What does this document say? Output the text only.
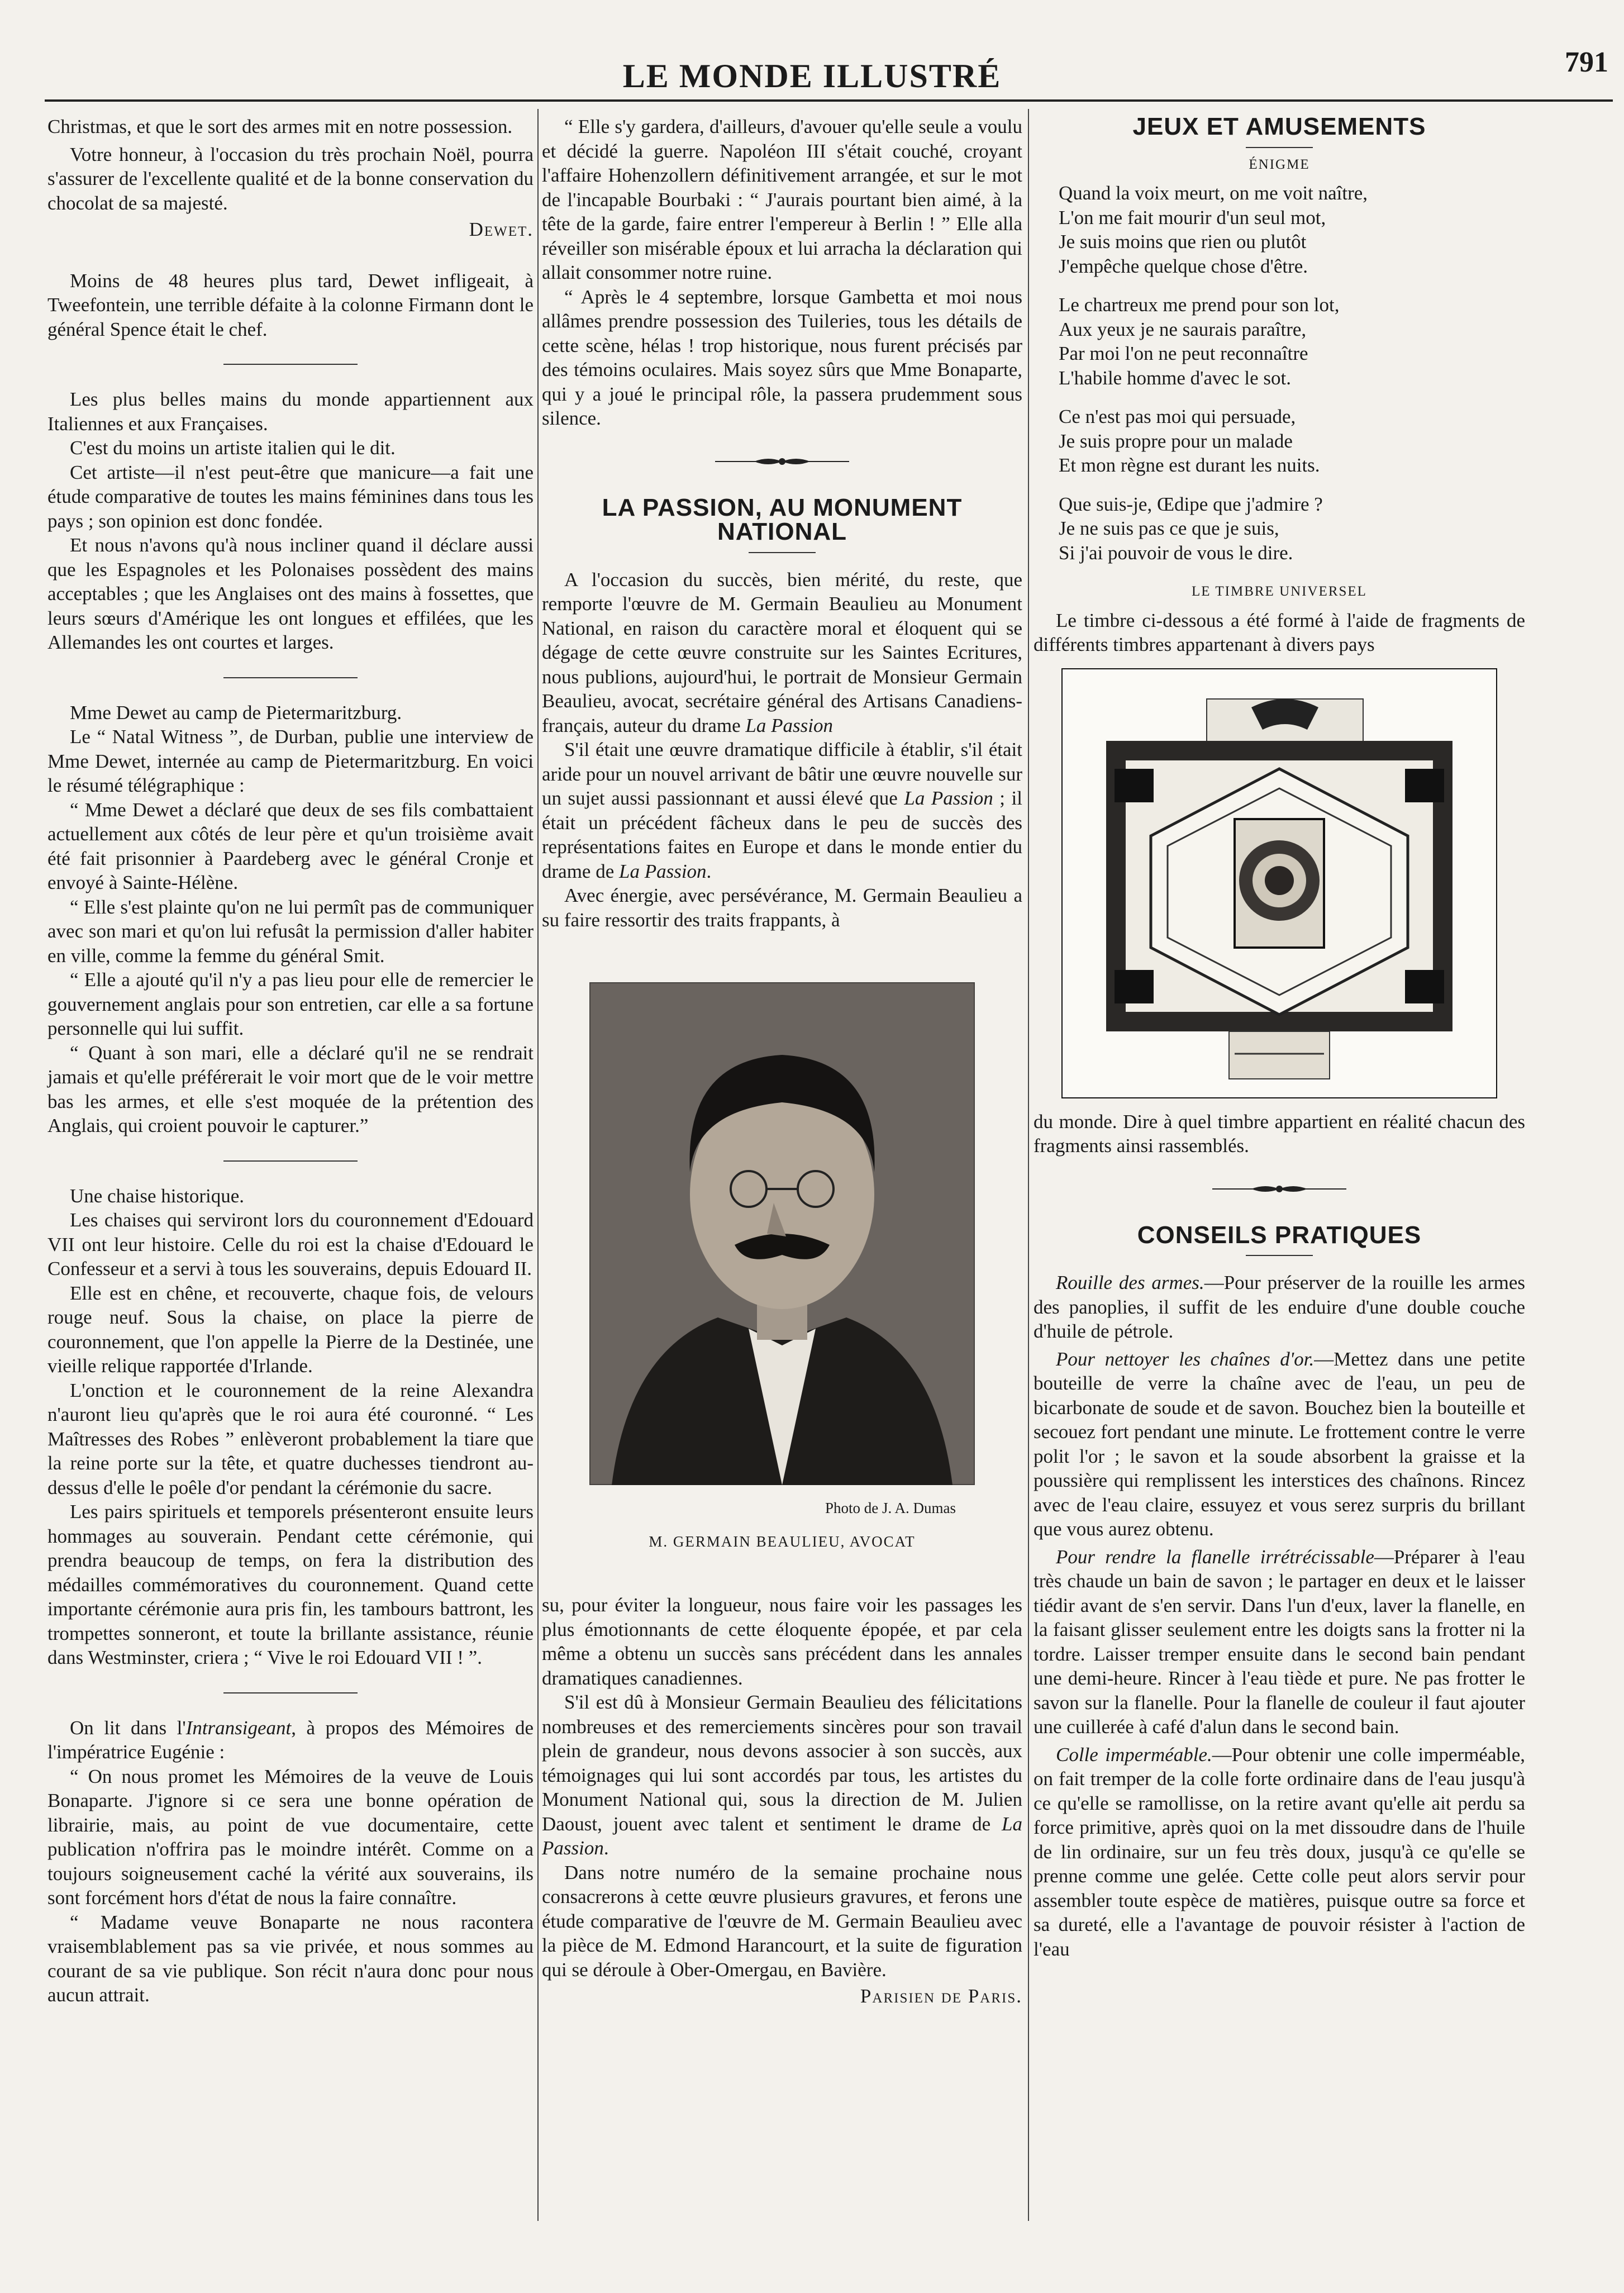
LE MONDE ILLUSTRÉ	791

Christmas, et que le sort des armes mit en notre possession.

Votre honneur, à l'occasion du très prochain Noël, pourra s'assurer de l'excellente qualité et de la bonne conservation du chocolat de sa majesté.

Dewet.

Moins de 48 heures plus tard, Dewet infligeait, à Tweefontein, une terrible défaite à la colonne Firmann dont le général Spence était le chef.

Les plus belles mains du monde appartiennent aux Italiennes et aux Françaises.

C'est du moins un artiste italien qui le dit.

Cet artiste—il n'est peut-être que manicure—a fait une étude comparative de toutes les mains féminines dans tous les pays ; son opinion est donc fondée.

Et nous n'avons qu'à nous incliner quand il déclare aussi que les Espagnoles et les Polonaises possèdent des mains acceptables ; que les Anglaises ont des mains à fossettes, que leurs sœurs d'Amérique les ont longues et effilées, que les Allemandes les ont courtes et larges.

Mme Dewet au camp de Pietermaritzburg.

Le “ Natal Witness ”, de Durban, publie une interview de Mme Dewet, internée au camp de Pietermaritzburg. En voici le résumé télégraphique :

“ Mme Dewet a déclaré que deux de ses fils combattaient actuellement aux côtés de leur père et qu'un troisième avait été fait prisonnier à Paardeberg avec le général Cronje et envoyé à Sainte-Hélène.

“ Elle s'est plainte qu'on ne lui permît pas de communiquer avec son mari et qu'on lui refusât la permission d'aller habiter en ville, comme la femme du général Smit.

“ Elle a ajouté qu'il n'y a pas lieu pour elle de remercier le gouvernement anglais pour son entretien, car elle a sa fortune personnelle qui lui suffit.

“ Quant à son mari, elle a déclaré qu'il ne se rendrait jamais et qu'elle préférerait le voir mort que de le voir mettre bas les armes, et elle s'est moquée de la prétention des Anglais, qui croient pouvoir le capturer.”

Une chaise historique.

Les chaises qui serviront lors du couronnement d'Edouard VII ont leur histoire. Celle du roi est la chaise d'Edouard le Confesseur et a servi à tous les souverains, depuis Edouard II.

Elle est en chêne, et recouverte, chaque fois, de velours rouge neuf. Sous la chaise, on place la pierre de couronnement, que l'on appelle la Pierre de la Destinée, une vieille relique rapportée d'Irlande.

L'onction et le couronnement de la reine Alexandra n'auront lieu qu'après que le roi aura été couronné. “ Les Maîtresses des Robes ” enlèveront probablement la tiare que la reine porte sur la tête, et quatre duchesses tiendront au-dessus d'elle le poêle d'or pendant la cérémonie du sacre.

Les pairs spirituels et temporels présenteront ensuite leurs hommages au souverain. Pendant cette cérémonie, qui prendra beaucoup de temps, on fera la distribution des médailles commémoratives du couronnement. Quand cette importante cérémonie aura pris fin, les tambours battront, les trompettes sonneront, et toute la brillante assistance, réunie dans Westminster, criera ; “ Vive le roi Edouard VII ! ”.

On lit dans l'Intransigeant, à propos des Mémoires de l'impératrice Eugénie :

“ On nous promet les Mémoires de la veuve de Louis Bonaparte. J'ignore si ce sera une bonne opération de librairie, mais, au point de vue documentaire, cette publication n'offrira pas le moindre intérêt. Comme on a toujours soigneusement caché la vérité aux souverains, ils sont forcément hors d'état de nous la faire connaître.

“ Madame veuve Bonaparte ne nous racontera vraisemblablement pas sa vie privée, et nous sommes au courant de sa vie publique. Son récit n'aura donc pour nous aucun attrait.

“ Elle s'y gardera, d'ailleurs, d'avouer qu'elle seule a voulu et décidé la guerre. Napoléon III s'était couché, croyant l'affaire Hohenzollern définitivement arrangée, et sur le mot de l'incapable Bourbaki : “ J'aurais pourtant bien aimé, à la tête de la garde, faire entrer l'empereur à Berlin ! ” Elle alla réveiller son misérable époux et lui arracha la déclaration qui allait consommer notre ruine.

“ Après le 4 septembre, lorsque Gambetta et moi nous allâmes prendre possession des Tuileries, tous les détails de cette scène, hélas ! trop historique, nous furent précisés par des témoins oculaires. Mais soyez sûrs que Mme Bonaparte, qui y a joué le principal rôle, la passera prudemment sous silence.

LA PASSION, AU MONUMENT NATIONAL

A l'occasion du succès, bien mérité, du reste, que remporte l'œuvre de M. Germain Beaulieu au Monument National, en raison du caractère moral et éloquent qui se dégage de cette œuvre construite sur les Saintes Ecritures, nous publions, aujourd'hui, le portrait de Monsieur Germain Beaulieu, avocat, secrétaire général des Artisans Canadiens-français, auteur du drame La Passion

S'il était une œuvre dramatique difficile à établir, s'il était aride pour un nouvel arrivant de bâtir une œuvre nouvelle sur un sujet aussi passionnant et aussi élevé que La Passion ; il était un précédent fâcheux dans le peu de succès des représentations faites en Europe et dans le monde entier du drame de La Passion.

Avec énergie, avec persévérance, M. Germain Beaulieu a su faire ressortir des traits frappants, à

Photo de J. A. Dumas
M. GERMAIN BEAULIEU, AVOCAT

su, pour éviter la longueur, nous faire voir les passages les plus émotionnants de cette éloquente épopée, et par cela même a obtenu un succès sans précédent dans les annales dramatiques canadiennes.

S'il est dû à Monsieur Germain Beaulieu des félicitations nombreuses et des remerciements sincères pour son travail plein de grandeur, nous devons associer à son succès, aux témoignages qui lui sont accordés par tous, les artistes du Monument National qui, sous la direction de M. Julien Daoust, jouent avec talent et sentiment le drame de La Passion.

Dans notre numéro de la semaine prochaine nous consacrerons à cette œuvre plusieurs gravures, et ferons une étude comparative de l'œuvre de M. Germain Beaulieu avec la pièce de M. Edmond Harancourt, et la suite de figuration qui se déroule à Ober-Omergau, en Bavière.

Parisien de Paris.
JEUX ET AMUSEMENTS
ÉNIGME
Quand la voix meurt, on me voit naître,
L'on me fait mourir d'un seul mot,
Je suis moins que rien ou plutôt
J'empêche quelque chose d'être.
Le chartreux me prend pour son lot,
Aux yeux je ne saurais paraître,
Par moi l'on ne peut reconnaître
L'habile homme d'avec le sot.
Ce n'est pas moi qui persuade,
Je suis propre pour un malade
Et mon règne est durant les nuits.
Que suis-je, Œdipe que j'admire ?
Je ne suis pas ce que je suis,
Si j'ai pouvoir de vous le dire.
LE TIMBRE UNIVERSEL

Le timbre ci-dessous a été formé à l'aide de fragments de différents timbres appartenant à divers pays

du monde. Dire à quel timbre appartient en réalité chacun des fragments ainsi rassemblés.

CONSEILS PRATIQUES

Rouille des armes.—Pour préserver de la rouille les armes des panoplies, il suffit de les enduire d'une double couche d'huile de pétrole.

Pour nettoyer les chaînes d'or.—Mettez dans une petite bouteille de verre la chaîne avec de l'eau, un peu de bicarbonate de soude et de savon. Bouchez bien la bouteille et secouez fort pendant une minute. Le frottement contre le verre polit l'or ; le savon et la soude absorbent la graisse et la poussière qui remplissent les interstices des chaînons. Rincez avec de l'eau claire, essuyez et vous serez surpris du brillant que vous aurez obtenu.

Pour rendre la flanelle irrétrécissable—Préparer à l'eau très chaude un bain de savon ; le partager en deux et le laisser tiédir avant de s'en servir. Dans l'un d'eux, laver la flanelle, en la faisant glisser seulement entre les doigts sans la frotter ni la tordre. Laisser tremper ensuite dans le second bain pendant une demi-heure. Rincer à l'eau tiède et pure. Ne pas frotter le savon sur la flanelle. Pour la flanelle de couleur il faut ajouter une cuillerée à café d'alun dans le second bain.

Colle imperméable.—Pour obtenir une colle imperméable, on fait tremper de la colle forte ordinaire dans de l'eau jusqu'à ce qu'elle se ramollisse, on la retire avant qu'elle ait perdu sa force primitive, après quoi on la met dissoudre dans de l'huile de lin ordinaire, sur un feu très doux, jusqu'à ce qu'elle se prenne comme une gelée. Cette colle peut alors servir pour assembler toute espèce de matières, puisque outre sa force et sa dureté, elle a l'avantage de pouvoir résister à l'action de l'eau
